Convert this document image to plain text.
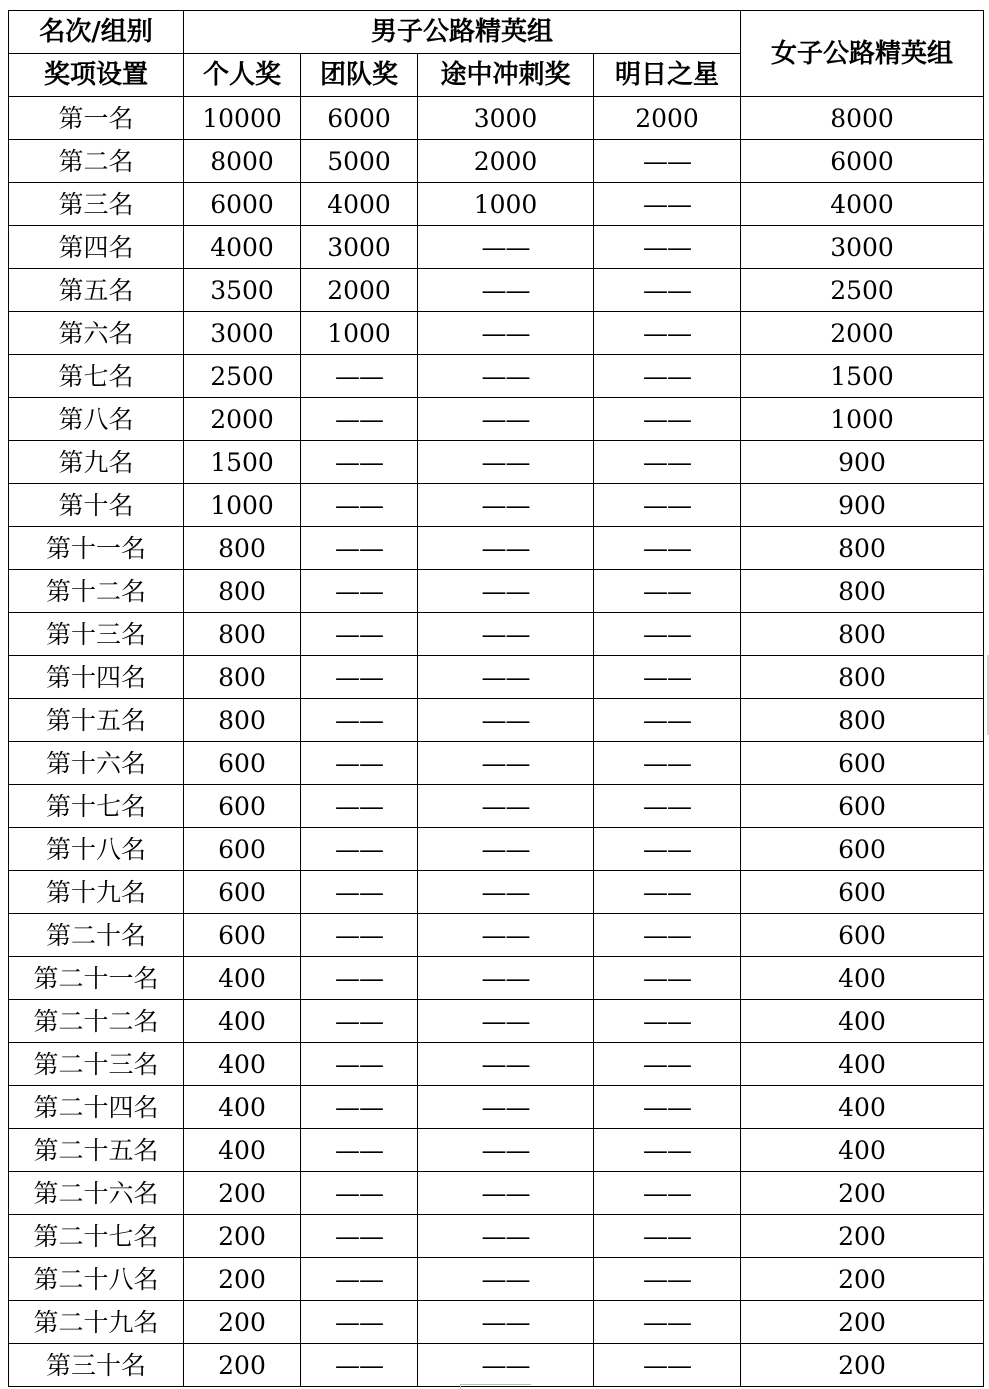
名次/组别	男子公路精英组				女子公路精英组
奖项设置	个人奖	团队奖	途中冲刺奖	明日之星	
第一名	10000	6000	3000	2000	8000
第二名	8000	5000	2000	——	6000
第三名	6000	4000	1000	——	4000
第四名	4000	3000	——	——	3000
第五名	3500	2000	——	——	2500
第六名	3000	1000	——	——	2000
第七名	2500	——	——	——	1500
第八名	2000	——	——	——	1000
第九名	1500	——	——	——	900
第十名	1000	——	——	——	900
第十一名	800	——	——	——	800
第十二名	800	——	——	——	800
第十三名	800	——	——	——	800
第十四名	800	——	——	——	800
第十五名	800	——	——	——	800
第十六名	600	——	——	——	600
第十七名	600	——	——	——	600
第十八名	600	——	——	——	600
第十九名	600	——	——	——	600
第二十名	600	——	——	——	600
第二十一名	400	——	——	——	400
第二十二名	400	——	——	——	400
第二十三名	400	——	——	——	400
第二十四名	400	——	——	——	400
第二十五名	400	——	——	——	400
第二十六名	200	——	——	——	200
第二十七名	200	——	——	——	200
第二十八名	200	——	——	——	200
第二十九名	200	——	——	——	200
第三十名	200	——	——	——	200
